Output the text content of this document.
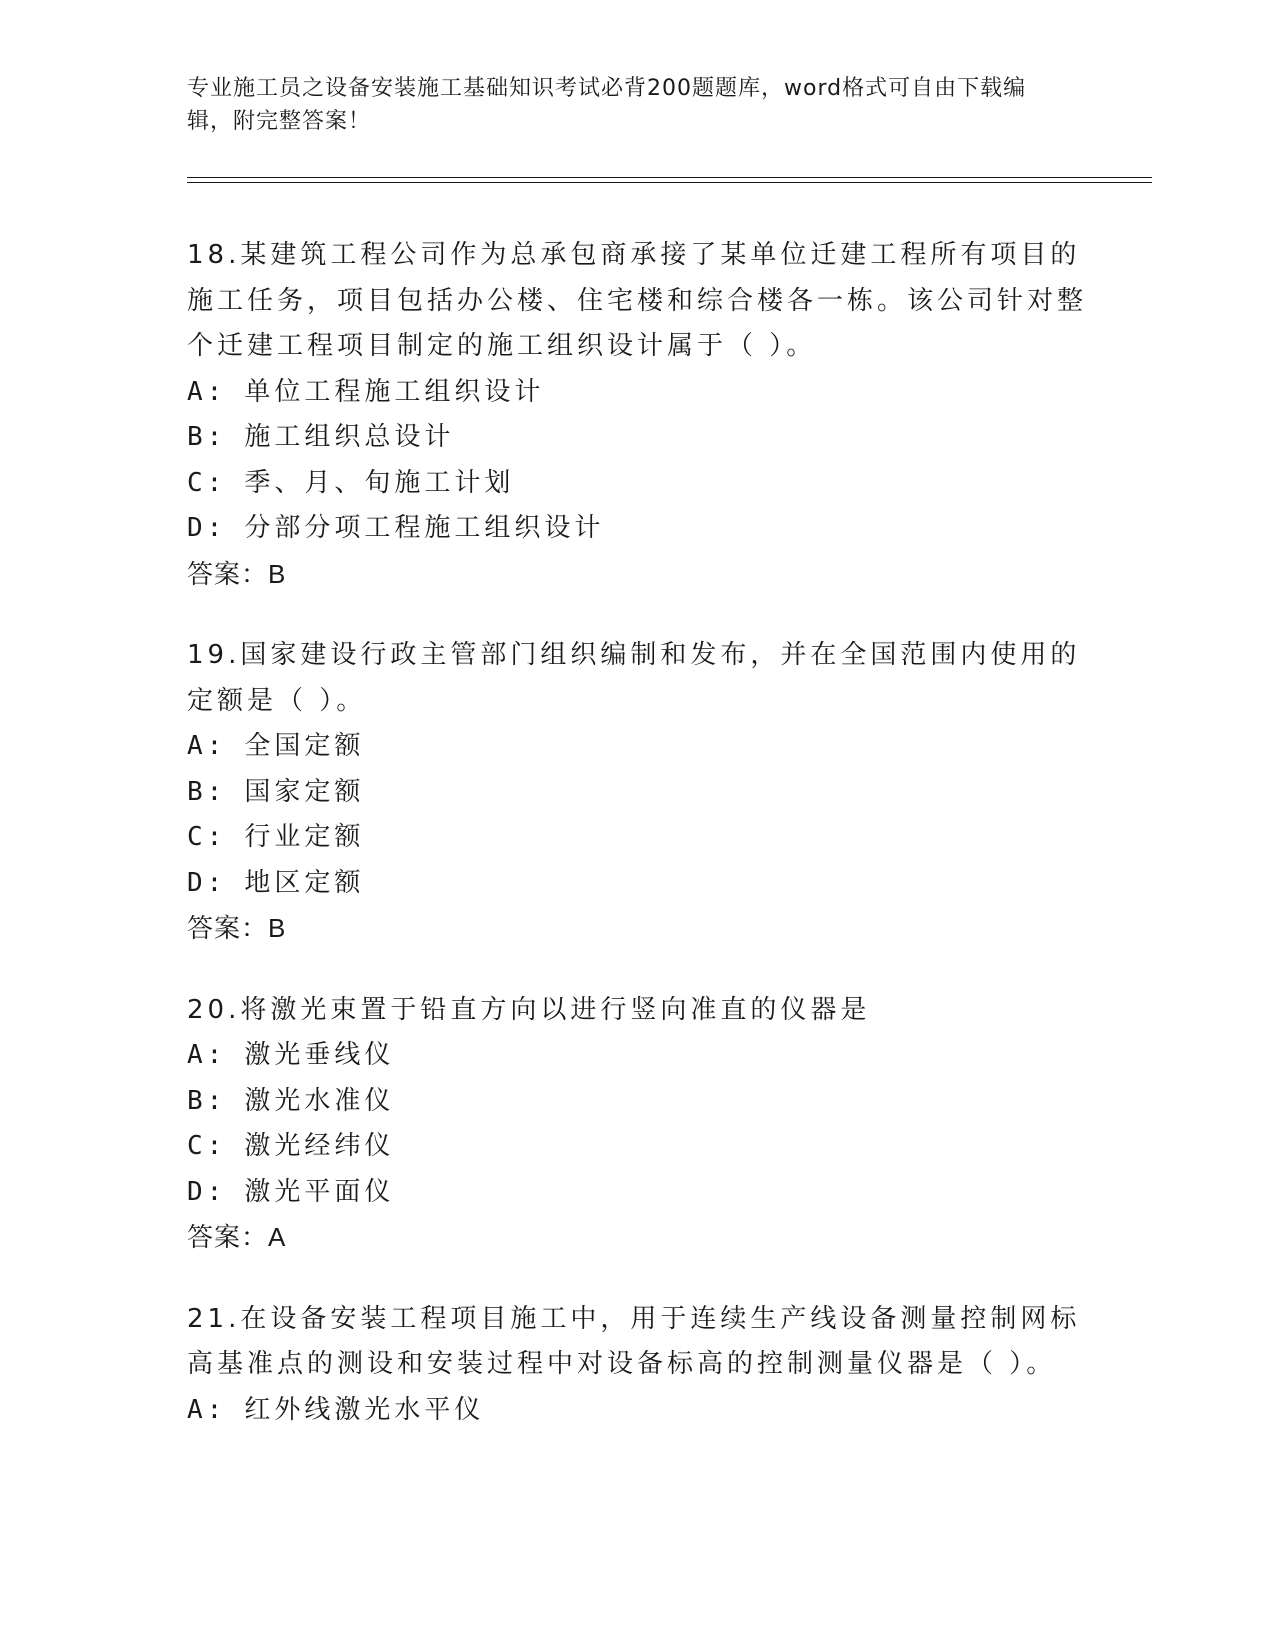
专业施工员之设备安装施工基础知识考试必背200题题库，word格式可自由下载编辑，附完整答案！
18.某建筑工程公司作为总承包商承接了某单位迁建工程所有项目的施工任务，项目包括办公楼、住宅楼和综合楼各一栋。该公司针对整个迁建工程项目制定的施工组织设计属于（ ）。
A: 单位工程施工组织设计
B: 施工组织总设计
C: 季、月、旬施工计划
D: 分部分项工程施工组织设计
答案：B
19.国家建设行政主管部门组织编制和发布，并在全国范围内使用的定额是（ ）。
A: 全国定额
B: 国家定额
C: 行业定额
D: 地区定额
答案：B
20.将激光束置于铅直方向以进行竖向准直的仪器是
A: 激光垂线仪
B: 激光水准仪
C: 激光经纬仪
D: 激光平面仪
答案：A
21.在设备安装工程项目施工中，用于连续生产线设备测量控制网标高基准点的测设和安装过程中对设备标高的控制测量仪器是（ ）。
A: 红外线激光水平仪
